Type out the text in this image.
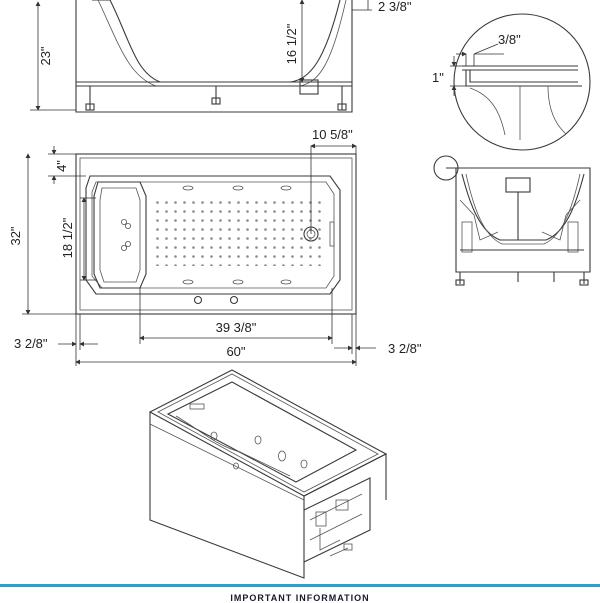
23"	16 1/2"
2 3/8"
3/8"
1"
10 5/8"
4"
32"	18 1/2"
39 3/8"
60"
3 2/8"	3 2/8"
IMPORTANT INFORMATION
